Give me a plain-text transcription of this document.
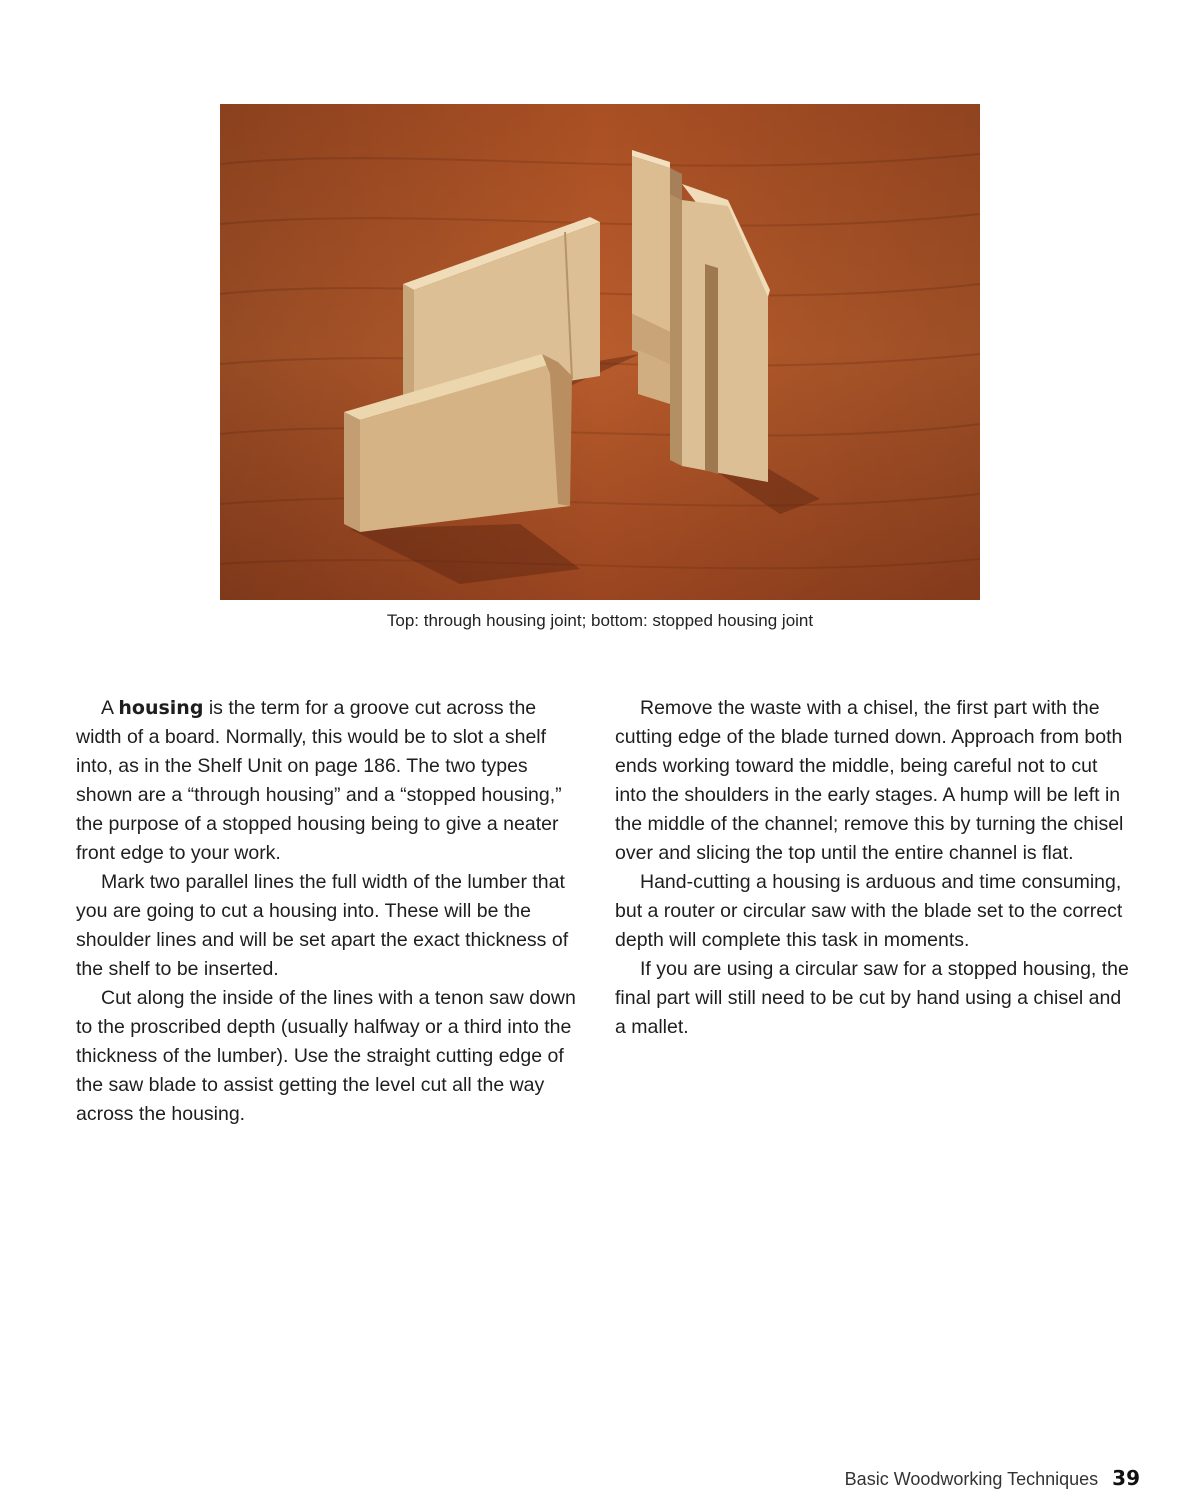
Top: through housing joint; bottom: stopped housing joint

A housing is the term for a groove cut across the width of a board. Normally, this would be to slot a shelf into, as in the Shelf Unit on page 186. The two types shown are a “through housing” and a “stopped housing,” the purpose of a stopped housing being to give a neater front edge to your work.

Mark two parallel lines the full width of the lumber that you are going to cut a housing into. These will be the shoulder lines and will be set apart the exact thickness of the shelf to be inserted.

Cut along the inside of the lines with a tenon saw down to the proscribed depth (usually halfway or a third into the thickness of the lumber). Use the straight cutting edge of the saw blade to assist getting the level cut all the way across the housing.

Remove the waste with a chisel, the first part with the cutting edge of the blade turned down. Approach from both ends working toward the middle, being careful not to cut into the shoulders in the early stages. A hump will be left in the middle of the channel; remove this by turning the chisel over and slicing the top until the entire channel is flat.

Hand-cutting a housing is arduous and time consuming, but a router or circular saw with the blade set to the correct depth will complete this task in moments.

If you are using a circular saw for a stopped housing, the final part will still need to be cut by hand using a chisel and a mallet.

Basic Woodworking Techniques 39
